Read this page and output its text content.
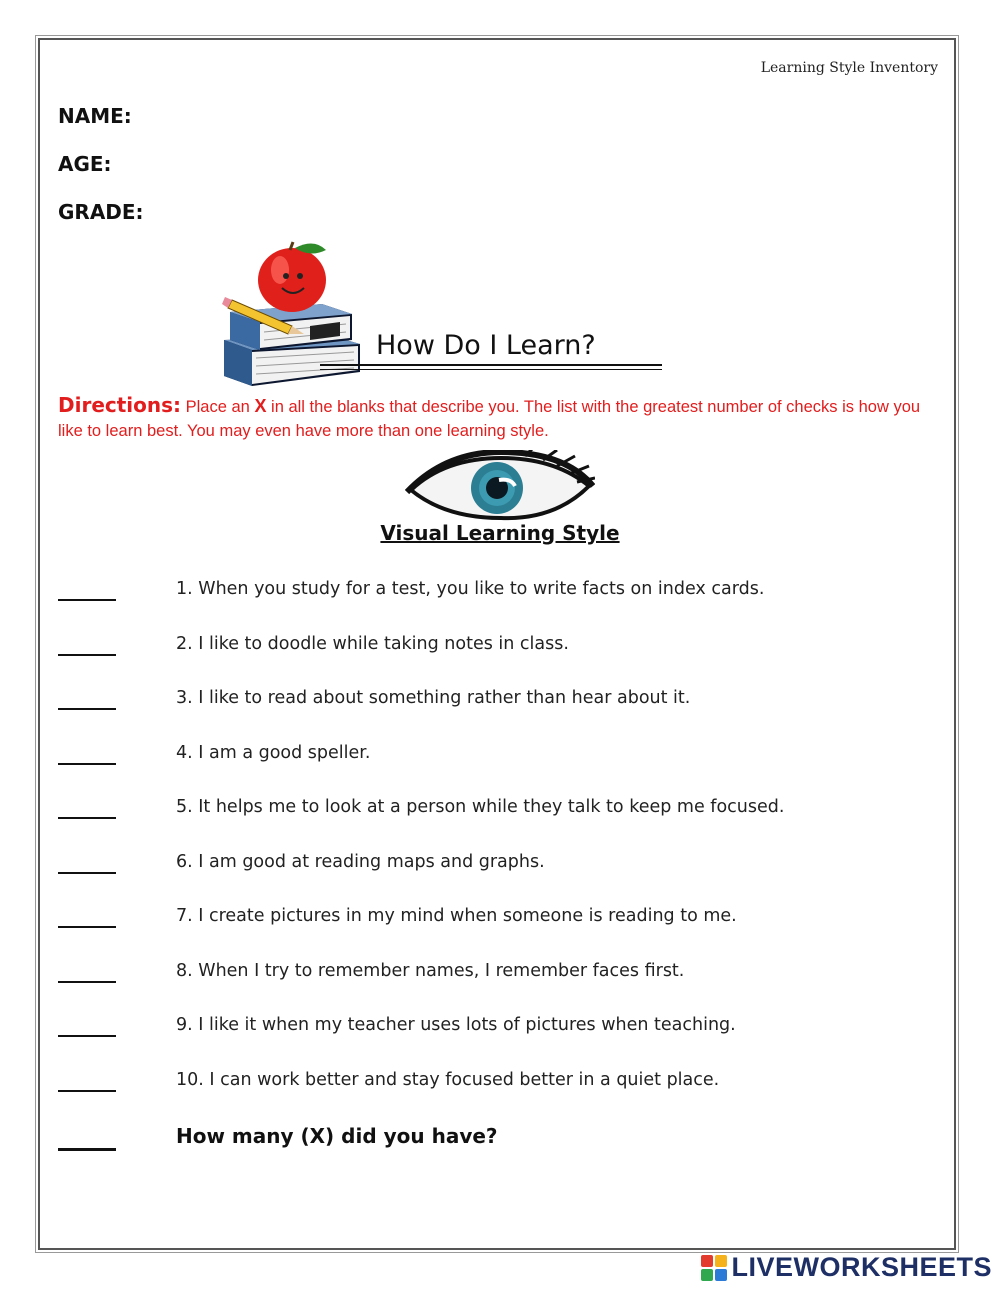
Learning Style Inventory
NAME:
AGE:
GRADE:
How Do I Learn?
Directions: Place an X in all the blanks that describe you. The list with the greatest number of checks is how you like to learn best. You may even have more than one learning style.
Visual Learning Style
1. When you study for a test, you like to write facts on index cards.
2. I like to doodle while taking notes in class.
3. I like to read about something rather than hear about it.
4. I am a good speller.
5. It helps me to look at a person while they talk to keep me focused.
6. I am good at reading maps and graphs.
7. I create pictures in my mind when someone is reading to me.
8. When I try to remember names, I remember faces first.
9. I like it when my teacher uses lots of pictures when teaching.
10. I can work better and stay focused better in a quiet place.
How many (X) did you have?
LIVEWORKSHEETS
